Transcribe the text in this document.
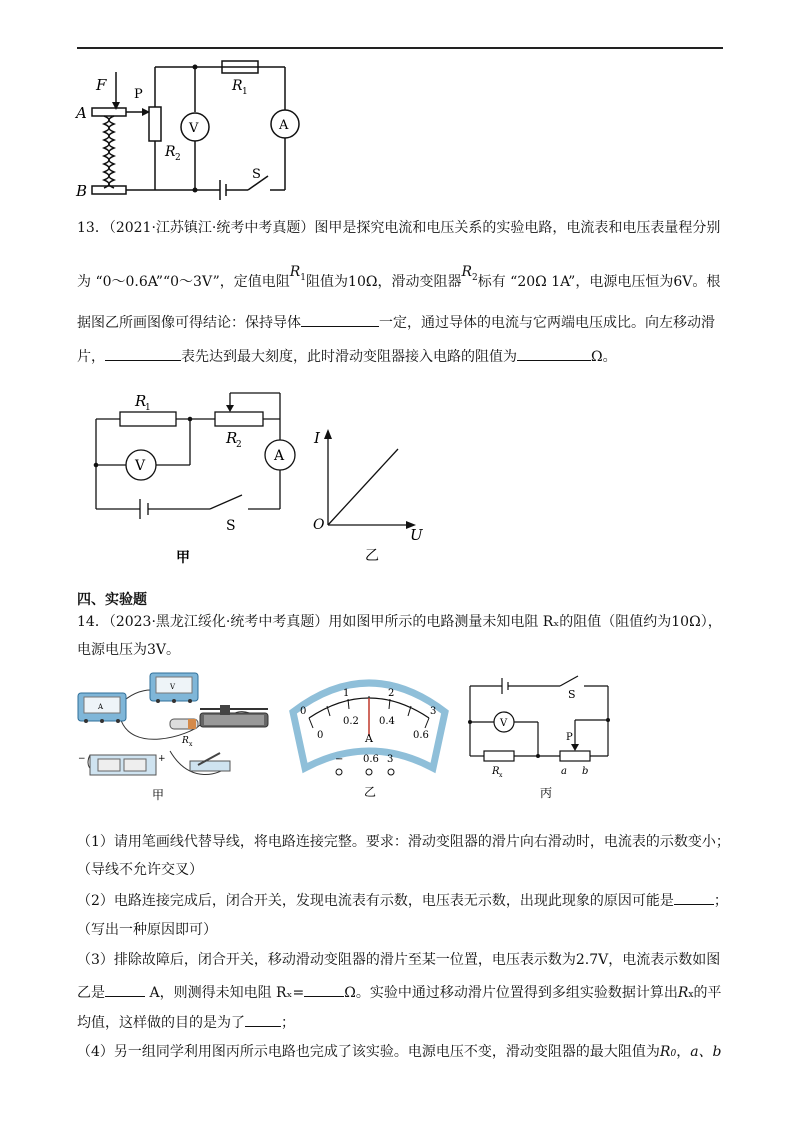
F
A
B
P
R 1
R 2
V	A
S
13．（2021·江苏镇江·统考中考真题）图甲是探究电流和电压关系的实验电路，电流表和电压表量程分别
为 “0～0.6A”“0～3V”，定值电阻$R^1$阻值为10Ω，滑动变阻器$R^2$标有 “20Ω 1A”，电源电压恒为6V。根
据图乙所画图像可得结论：保持导体	一定，通过导体的电流与它两端电压成比。向左移动滑
片，	表先达到最大刻度，此时滑动变阻器接入电路的阻值为	Ω。
R
1
R
2
V
A
S
甲
I
O
U
乙
四、实验题
14．（2023·黑龙江绥化·统考中考真题）用如图甲所示的电路测量未知电阻 Rₓ的阻值（阻值约为10Ω），
电源电压为3V。
A
V
R x
−	+
甲
0
1	2
3
0
0.2 0.4
0.6
A
− 0.6 3
乙
V
S
P
R x	a b
丙
（1）请用笔画线代替导线，将电路连接完整。要求：滑动变阻器的滑片向右滑动时，电流表的示数变小；
（导线不允许交叉）
（2）电路连接完成后，闭合开关，发现电流表有示数，电压表无示数，出现此现象的原因可能是	；
（写出一种原因即可）
（3）排除故障后，闭合开关，移动滑动变阻器的滑片至某一位置，电压表示数为2.7V，电流表示数如图
乙是	A，则测得未知电阻 Rₓ=	Ω。实验中通过移动滑片位置得到多组实验数据计算出Rx的平
均值，这样做的目的是为了	；
（4）另一组同学利用图丙所示电路也完成了该实验。电源电压不变，滑动变阻器的最大阻值为R0，a、b
